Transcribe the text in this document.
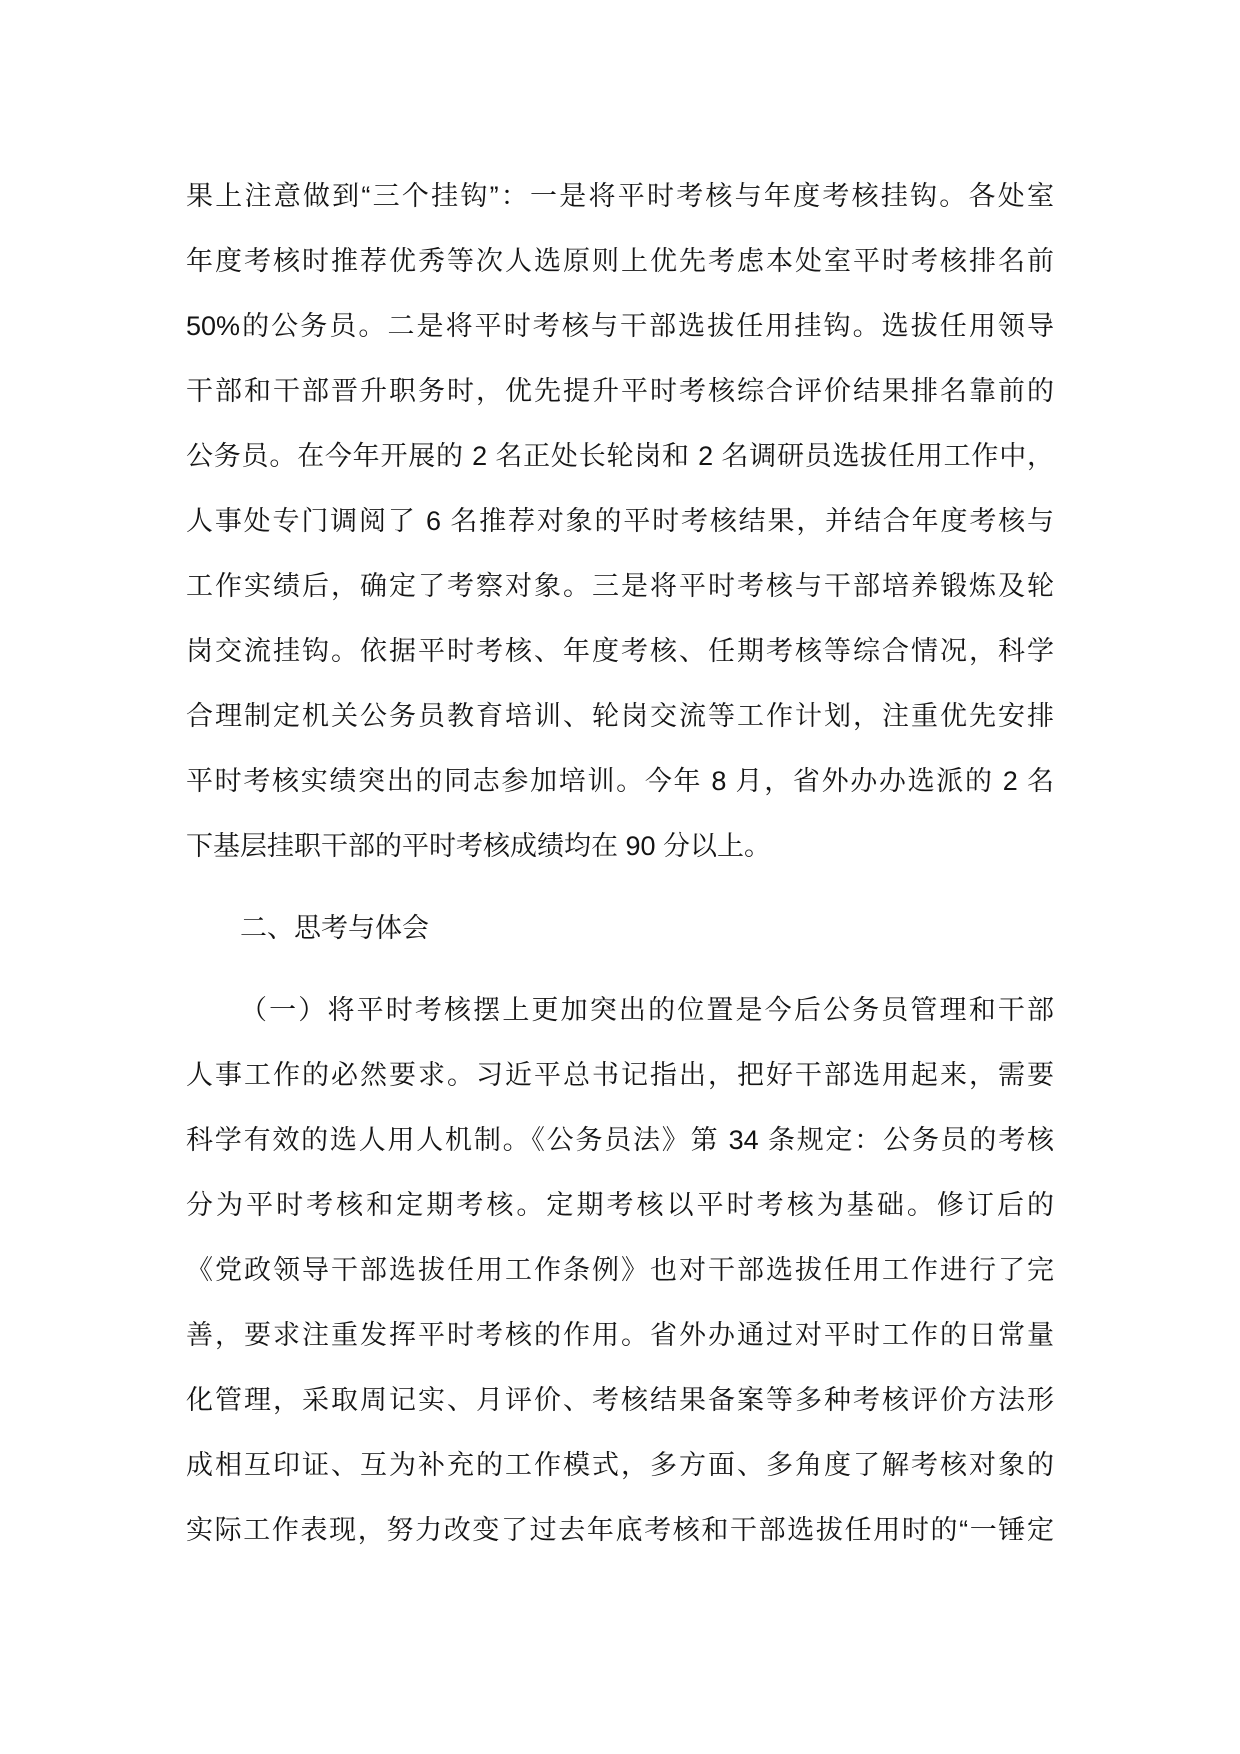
果上注意做到“三个挂钩”：一是将平时考核与年度考核挂钩。各处室
年度考核时推荐优秀等次人选原则上优先考虑本处室平时考核排名前
50%的公务员。二是将平时考核与干部选拔任用挂钩。选拔任用领导
干部和干部晋升职务时，优先提升平时考核综合评价结果排名靠前的
公务员。在今年开展的 2 名正处长轮岗和 2 名调研员选拔任用工作中，
人事处专门调阅了 6 名推荐对象的平时考核结果，并结合年度考核与
工作实绩后，确定了考察对象。三是将平时考核与干部培养锻炼及轮
岗交流挂钩。依据平时考核、年度考核、任期考核等综合情况，科学
合理制定机关公务员教育培训、轮岗交流等工作计划，注重优先安排
平时考核实绩突出的同志参加培训。今年 8 月，省外办办选派的 2 名
下基层挂职干部的平时考核成绩均在 90 分以上。
二、思考与体会
（一）将平时考核摆上更加突出的位置是今后公务员管理和干部
人事工作的必然要求。习近平总书记指出，把好干部选用起来，需要
科学有效的选人用人机制。《公务员法》第 34 条规定：公务员的考核
分为平时考核和定期考核。定期考核以平时考核为基础。修订后的
《党政领导干部选拔任用工作条例》也对干部选拔任用工作进行了完
善，要求注重发挥平时考核的作用。省外办通过对平时工作的日常量
化管理，采取周记实、月评价、考核结果备案等多种考核评价方法形
成相互印证、互为补充的工作模式，多方面、多角度了解考核对象的
实际工作表现，努力改变了过去年底考核和干部选拔任用时的“一锤定
